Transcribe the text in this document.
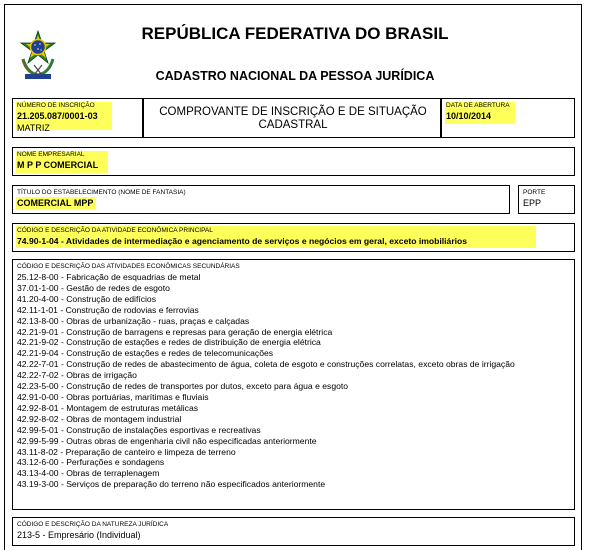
REPÚBLICA FEDERATIVA DO BRASIL
CADASTRO NACIONAL DA PESSOA JURÍDICA
NÚMERO DE INSCRIÇÃO
21.205.087/0001-03
MATRIZ
COMPROVANTE DE INSCRIÇÃO E DE SITUAÇÃO
CADASTRAL
DATA DE ABERTURA
10/10/2014
NOME EMPRESARIAL
M P P COMERCIAL
TÍTULO DO ESTABELECIMENTO (NOME DE FANTASIA)
COMERCIAL MPP
PORTE
EPP
CÓDIGO E DESCRIÇÃO DA ATIVIDADE ECONÔMICA PRINCIPAL
74.90-1-04 - Atividades de intermediação e agenciamento de serviços e negócios em geral, exceto imobiliários
CÓDIGO E DESCRIÇÃO DAS ATIVIDADES ECONÔMICAS SECUNDÁRIAS
25.12-8-00 - Fabricação de esquadrias de metal
37.01-1-00 - Gestão de redes de esgoto
41.20-4-00 - Construção de edifícios
42.11-1-01 - Construção de rodovias e ferrovias
42.13-8-00 - Obras de urbanização - ruas, praças e calçadas
42.21-9-01 - Construção de barragens e represas para geração de energia elétrica
42.21-9-02 - Construção de estações e redes de distribuição de energia elétrica
42.21-9-04 - Construção de estações e redes de telecomunicações
42.22-7-01 - Construção de redes de abastecimento de água, coleta de esgoto e construções correlatas, exceto obras de irrigação
42.22-7-02 - Obras de irrigação
42.23-5-00 - Construção de redes de transportes por dutos, exceto para água e esgoto
42.91-0-00 - Obras portuárias, marítimas e fluviais
42.92-8-01 - Montagem de estruturas metálicas
42.92-8-02 - Obras de montagem industrial
42.99-5-01 - Construção de instalações esportivas e recreativas
42.99-5-99 - Outras obras de engenharia civil não especificadas anteriormente
43.11-8-02 - Preparação de canteiro e limpeza de terreno
43.12-6-00 - Perfurações e sondagens
43.13-4-00 - Obras de terraplenagem
43.19-3-00 - Serviços de preparação do terreno não especificados anteriormente
CÓDIGO E DESCRIÇÃO DA NATUREZA JURÍDICA
213-5 - Empresário (Individual)
